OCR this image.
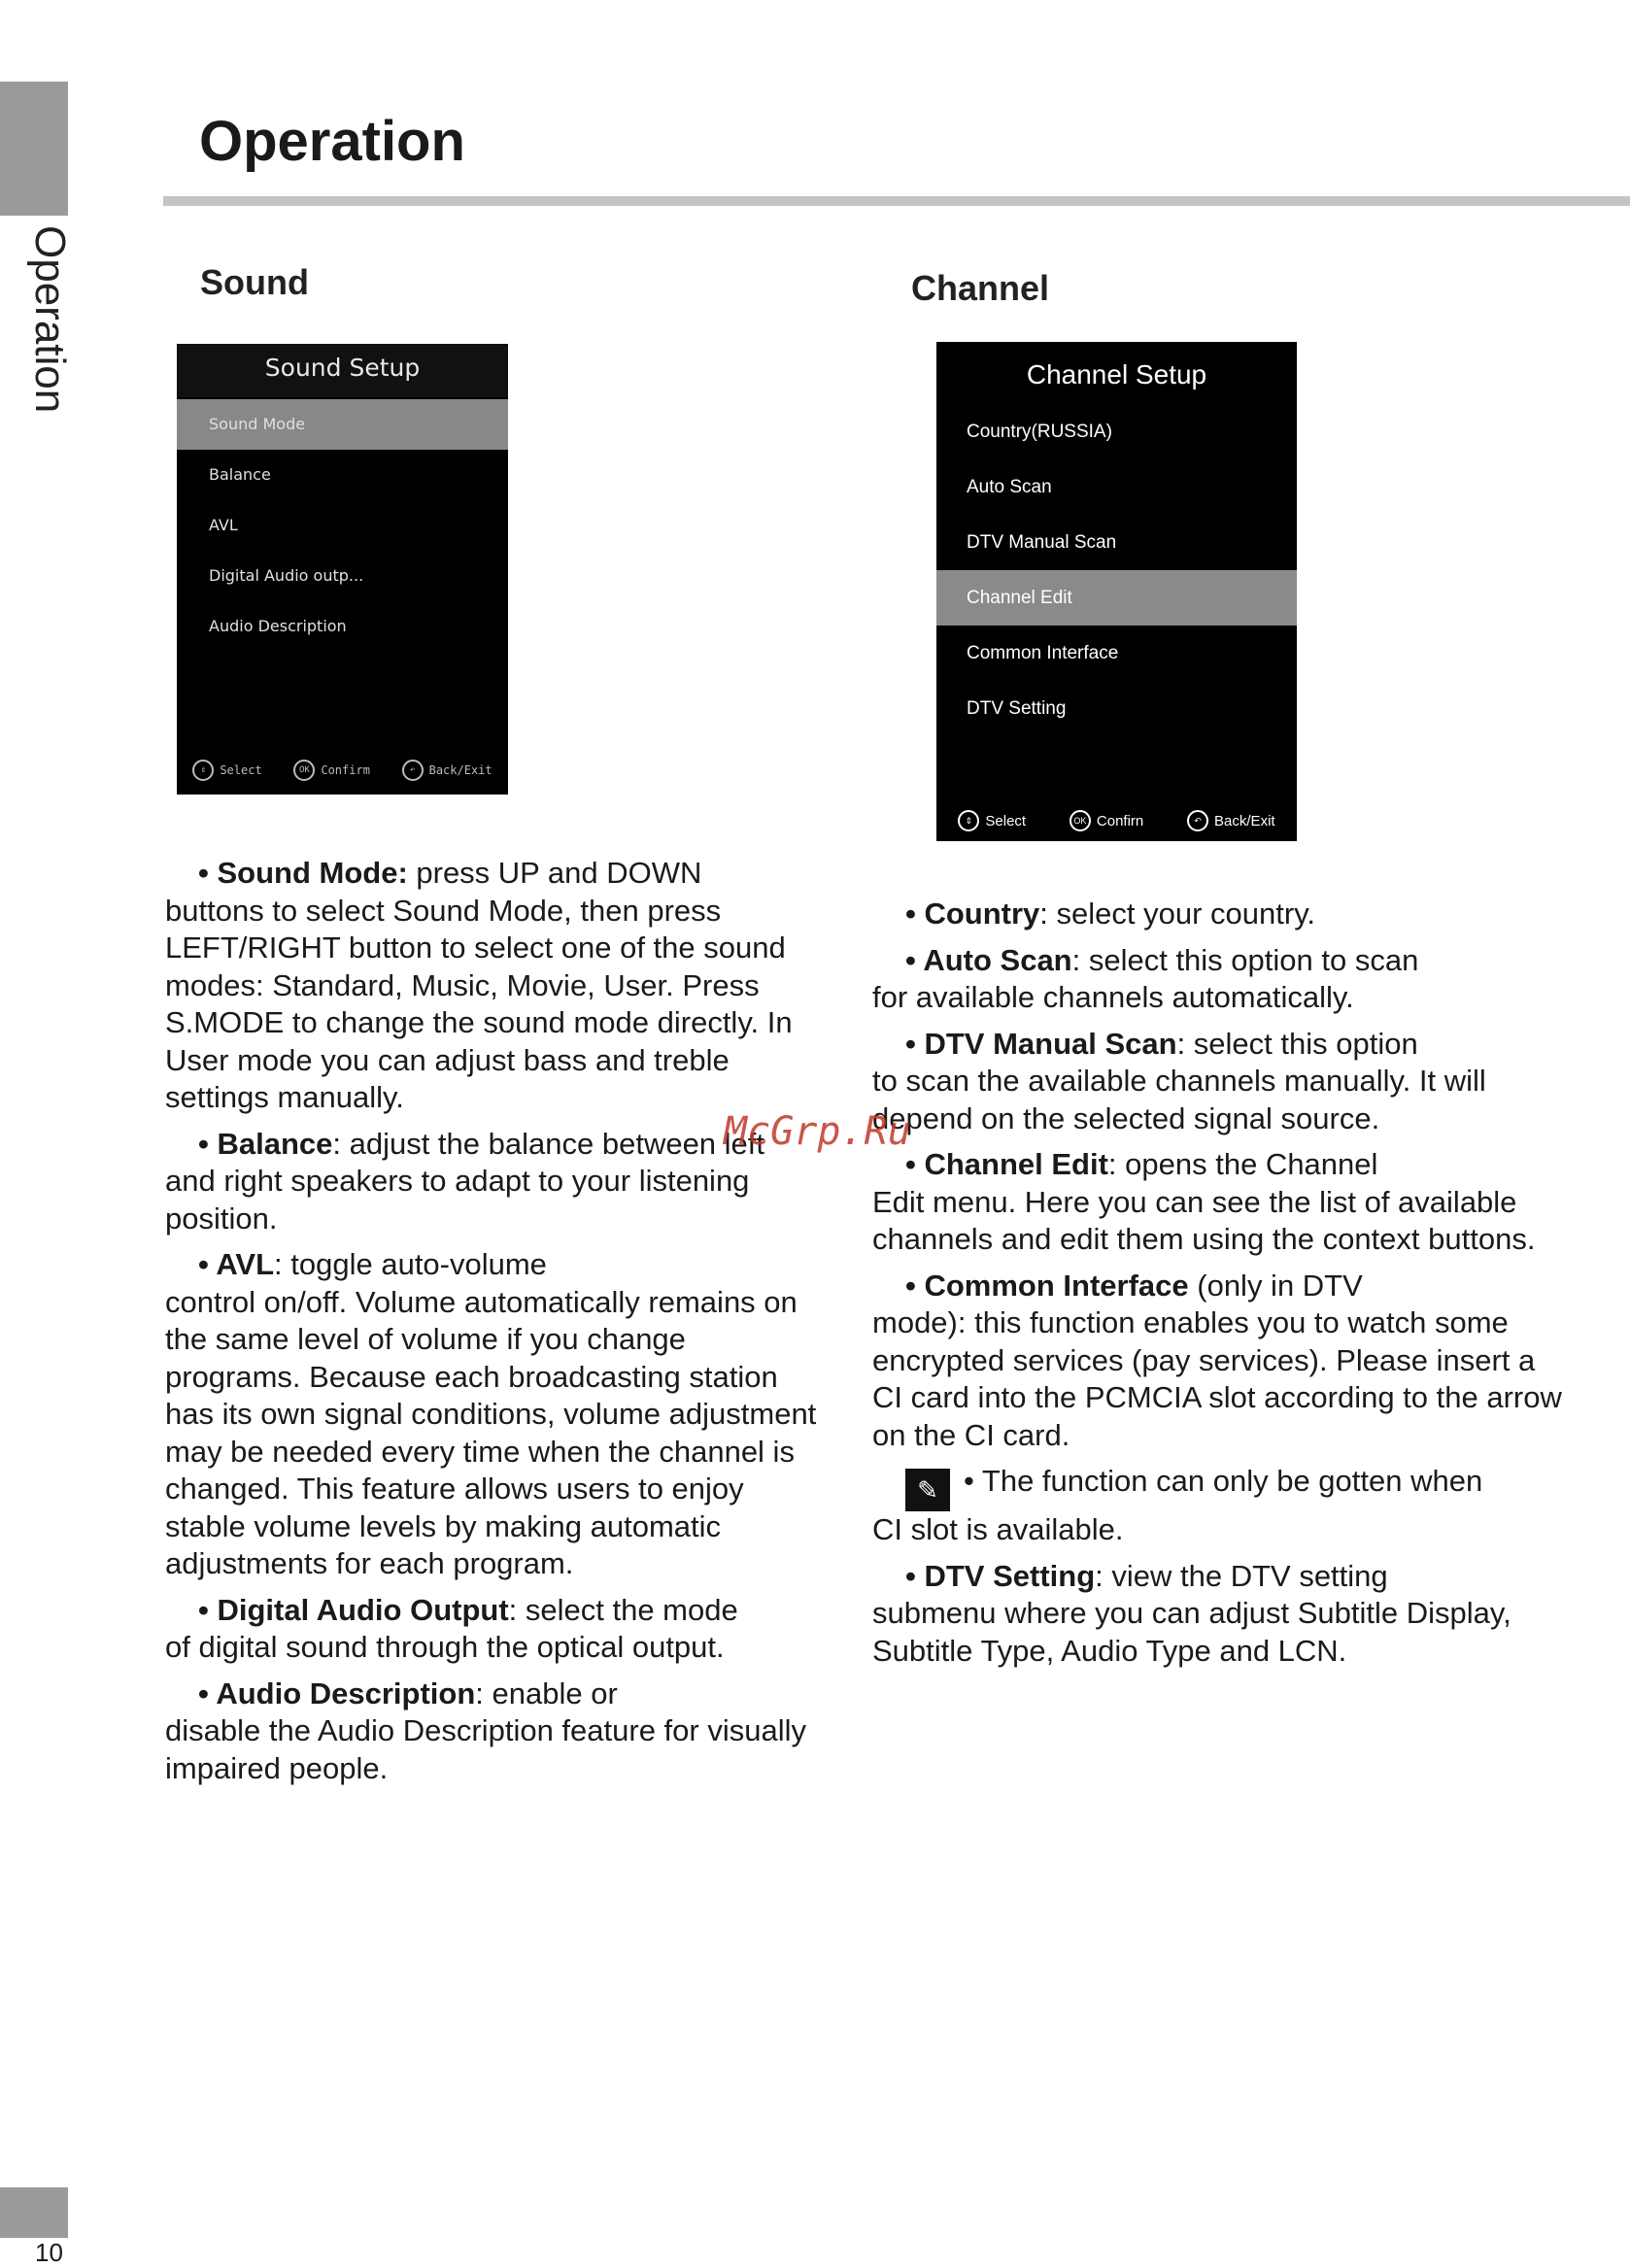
Operation
Operation
Sound	Channel
Sound Setup
Sound Mode
Balance
AVL
Digital Audio outp...
Audio Description
⇕	Select	OK Confirm	↶	Back/Exit
Channel Setup
Country(RUSSIA)
Auto Scan
DTV Manual Scan
Channel Edit
Common Interface
DTV Setting
⇕ Select	OK Confirn	↶ Back/Exit

• Sound Mode: press UP and DOWN
buttons to select Sound Mode, then press LEFT/RIGHT button to select one of the sound modes: Standard, Music, Movie, User. Press S.MODE to change the sound mode directly. In User mode you can adjust bass and treble settings manually.

• Balance: adjust the balance between left
and right speakers to adapt to your listening position.

• AVL: toggle auto-volume
control on/off. Volume automatically remains on the same level of volume if you change programs. Because each broadcasting station has its own signal conditions, volume adjustment may be needed every time when the channel is changed. This feature allows users to enjoy stable volume levels by making automatic adjustments for each program.

• Digital Audio Output: select the mode
of digital sound through the optical output.

• Audio Description: enable or
disable the Audio Description feature for visually impaired people.

• Country: select your country.

• Auto Scan: select this option to scan
for available channels automatically.

• DTV Manual Scan: select this option
to scan the available channels manually. It will depend on the selected signal source.

• Channel Edit: opens the Channel
Edit menu. Here you can see the list of available channels and edit them using the context buttons.

• Common Interface (only in DTV
mode): this function enables you to watch some encrypted services (pay services). Please insert a CI card into the PCMCIA slot according to the arrow on the CI card.

✎ • The function can only be gotten when
CI slot is available.

• DTV Setting: view the DTV setting
submenu where you can adjust Subtitle Display, Subtitle Type, Audio Type and LCN.

McGrp.Ru
10
